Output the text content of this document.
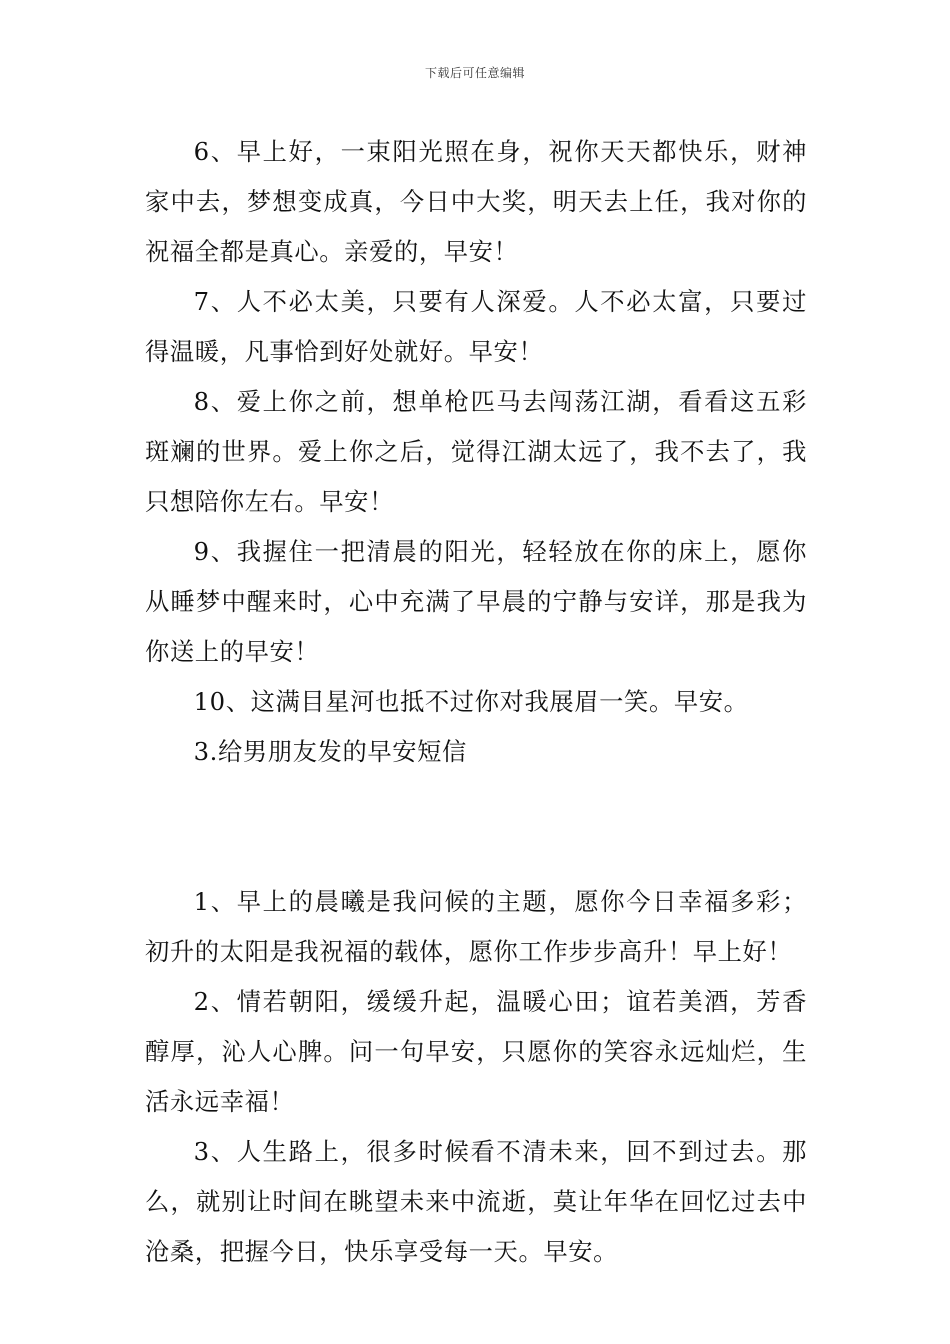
下载后可任意编辑

6、早上好，一束阳光照在身，祝你天天都快乐，财神家中去，梦想变成真，今日中大奖，明天去上任，我对你的祝福全都是真心。亲爱的，早安！

7、人不必太美，只要有人深爱。人不必太富，只要过得温暖，凡事恰到好处就好。早安！

8、爱上你之前，想单枪匹马去闯荡江湖，看看这五彩斑斓的世界。爱上你之后，觉得江湖太远了，我不去了，我只想陪你左右。早安！

9、我握住一把清晨的阳光，轻轻放在你的床上，愿你从睡梦中醒来时，心中充满了早晨的宁静与安详，那是我为你送上的早安！

10、这满目星河也抵不过你对我展眉一笑。早安。

3.给男朋友发的早安短信

1、早上的晨曦是我问候的主题，愿你今日幸福多彩；初升的太阳是我祝福的载体，愿你工作步步高升！早上好！

2、情若朝阳，缓缓升起，温暖心田；谊若美酒，芳香醇厚，沁人心脾。问一句早安，只愿你的笑容永远灿烂，生活永远幸福！

3、人生路上，很多时候看不清未来，回不到过去。那么，就别让时间在眺望未来中流逝，莫让年华在回忆过去中沧桑，把握今日，快乐享受每一天。早安。
